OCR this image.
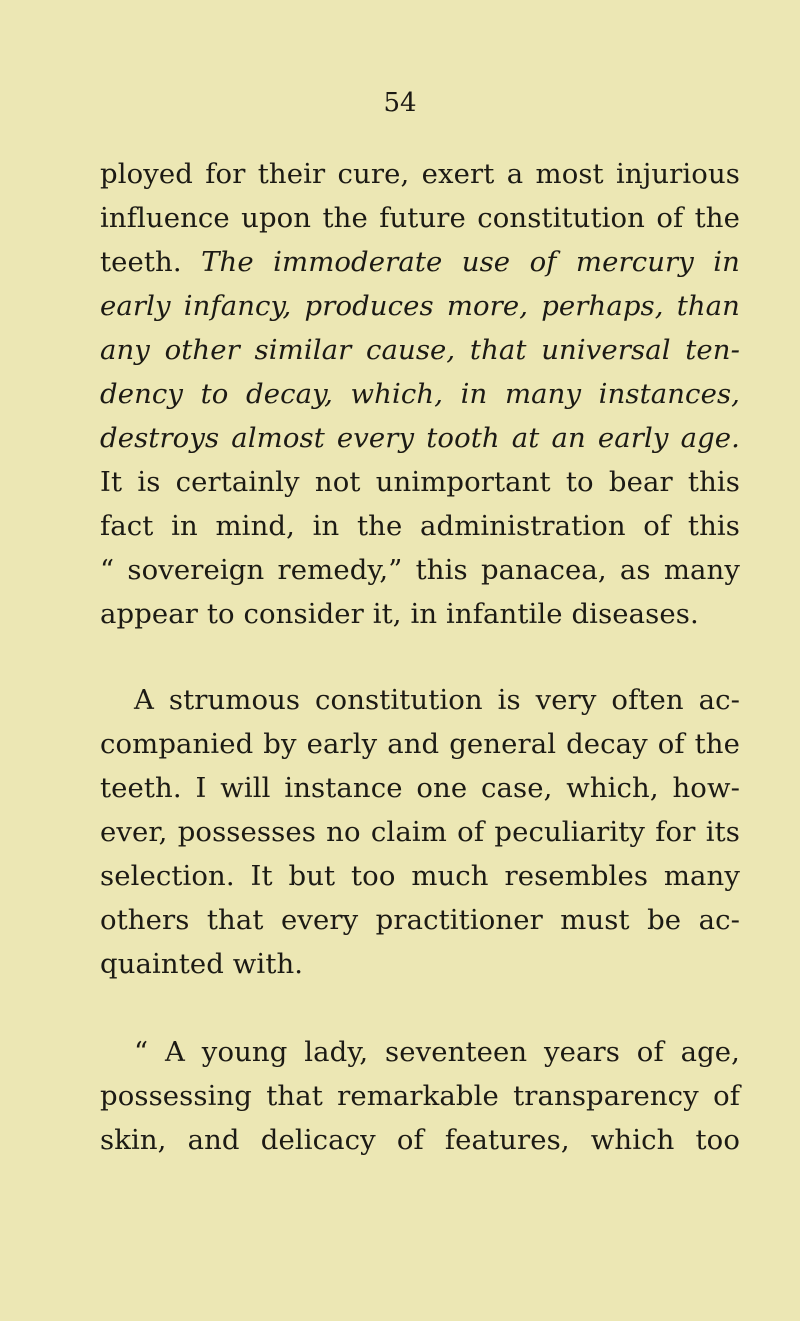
54
ployed for their cure, exert a most injurious
influence upon the future constitution of the
teeth. The immoderate use of mercury in
early infancy, produces more, perhaps, than
any other similar cause, that universal ten-
dency to decay, which, in many instances,
destroys almost every tooth at an early age.
It is certainly not unimportant to bear this
fact in mind, in the administration of this
“ sovereign remedy,” this panacea, as many
appear to consider it, in infantile diseases.
A strumous constitution is very often ac-
companied by early and general decay of the
teeth. I will instance one case, which, how-
ever, possesses no claim of peculiarity for its
selection. It but too much resembles many
others that every practitioner must be ac-
quainted with.
“ A young lady, seventeen years of age,
possessing that remarkable transparency of
skin, and delicacy of features, which too
